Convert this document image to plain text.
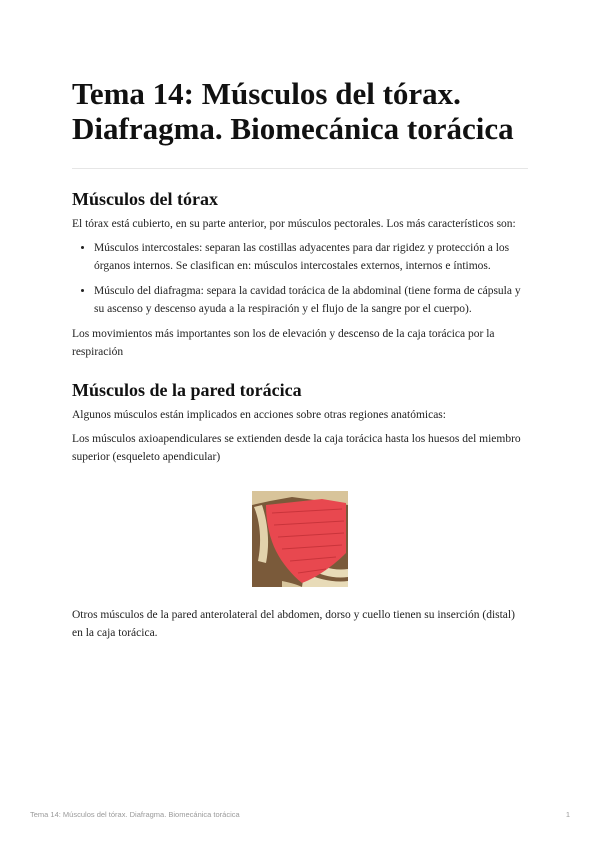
Tema 14: Músculos del tórax. Diafragma. Biomecánica torácica
Músculos del tórax

El tórax está cubierto, en su parte anterior, por músculos pectorales. Los más característicos son:

• Músculos intercostales: separan las costillas adyacentes para dar rigidez y protección a los órganos internos. Se clasifican en: músculos intercostales externos, internos e íntimos.
• Músculo del diafragma: separa la cavidad torácica de la abdominal (tiene forma de cápsula y su ascenso y descenso ayuda a la respiración y el flujo de la sangre por el cuerpo).

Los movimientos más importantes son los de elevación y descenso de la caja torácica por la respiración

Músculos de la pared torácica

Algunos músculos están implicados en acciones sobre otras regiones anatómicas:

Los músculos axioapendiculares se extienden desde la caja torácica hasta los huesos del miembro superior (esqueleto apendicular)

Otros músculos de la pared anterolateral del abdomen, dorso y cuello tienen su inserción (distal) en la caja torácica.

Tema 14: Músculos del tórax. Diafragma. Biomecánica torácica	1
